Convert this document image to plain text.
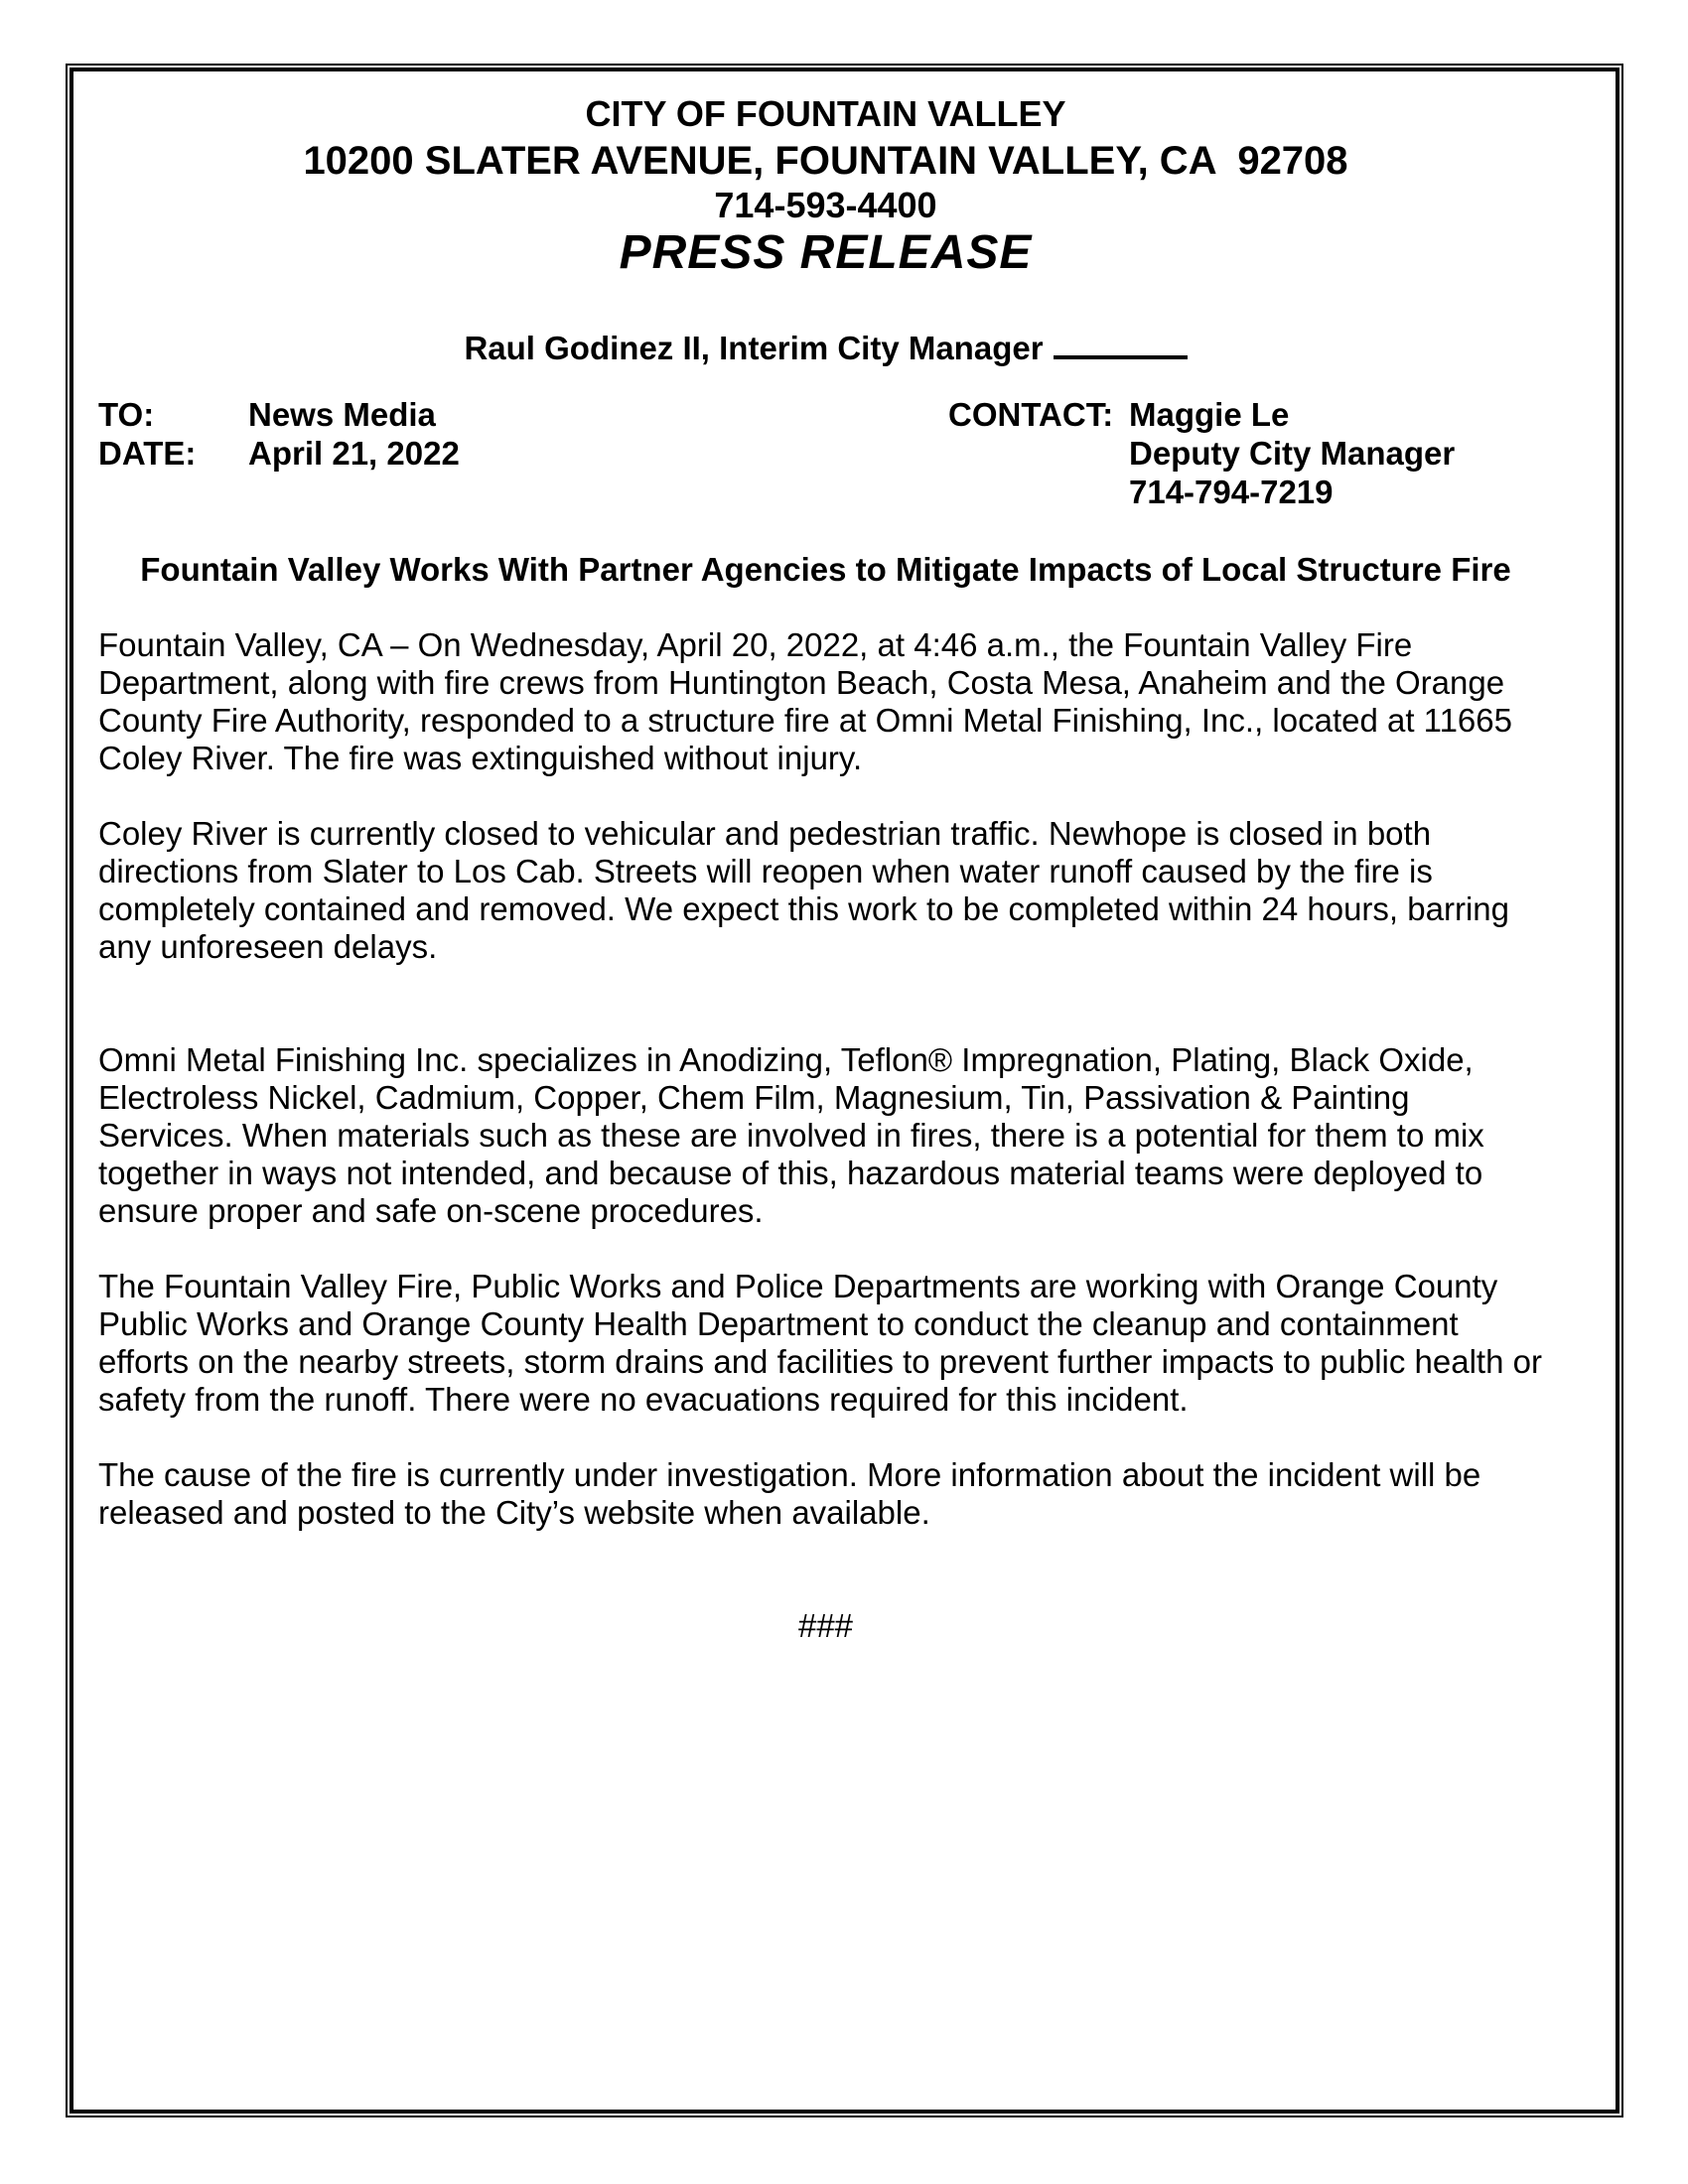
CITY OF FOUNTAIN VALLEY
10200 SLATER AVENUE, FOUNTAIN VALLEY, CA  92708
714-593-4400
PRESS RELEASE
Raul Godinez II, Interim City Manager
TO:	News Media	CONTACT: Maggie Le
DATE: April 21, 2022	Deputy City Manager
714-794-7219
Fountain Valley Works With Partner Agencies to Mitigate Impacts of Local Structure Fire
Fountain Valley, CA – On Wednesday, April 20, 2022, at 4:46 a.m., the Fountain Valley Fire Department, along with fire crews from Huntington Beach, Costa Mesa, Anaheim and the Orange County Fire Authority, responded to a structure fire at Omni Metal Finishing, Inc., located at 11665 Coley River. The fire was extinguished without injury.
Coley River is currently closed to vehicular and pedestrian traffic. Newhope is closed in both directions from Slater to Los Cab. Streets will reopen when water runoff caused by the fire is completely contained and removed. We expect this work to be completed within 24 hours, barring any unforeseen delays.
Omni Metal Finishing Inc. specializes in Anodizing, Teflon® Impregnation, Plating, Black Oxide, Electroless Nickel, Cadmium, Copper, Chem Film, Magnesium, Tin, Passivation & Painting Services. When materials such as these are involved in fires, there is a potential for them to mix together in ways not intended, and because of this, hazardous material teams were deployed to ensure proper and safe on-scene procedures.
The Fountain Valley Fire, Public Works and Police Departments are working with Orange County Public Works and Orange County Health Department to conduct the cleanup and containment efforts on the nearby streets, storm drains and facilities to prevent further impacts to public health or safety from the runoff. There were no evacuations required for this incident.
The cause of the fire is currently under investigation. More information about the incident will be released and posted to the City’s website when available.
###
